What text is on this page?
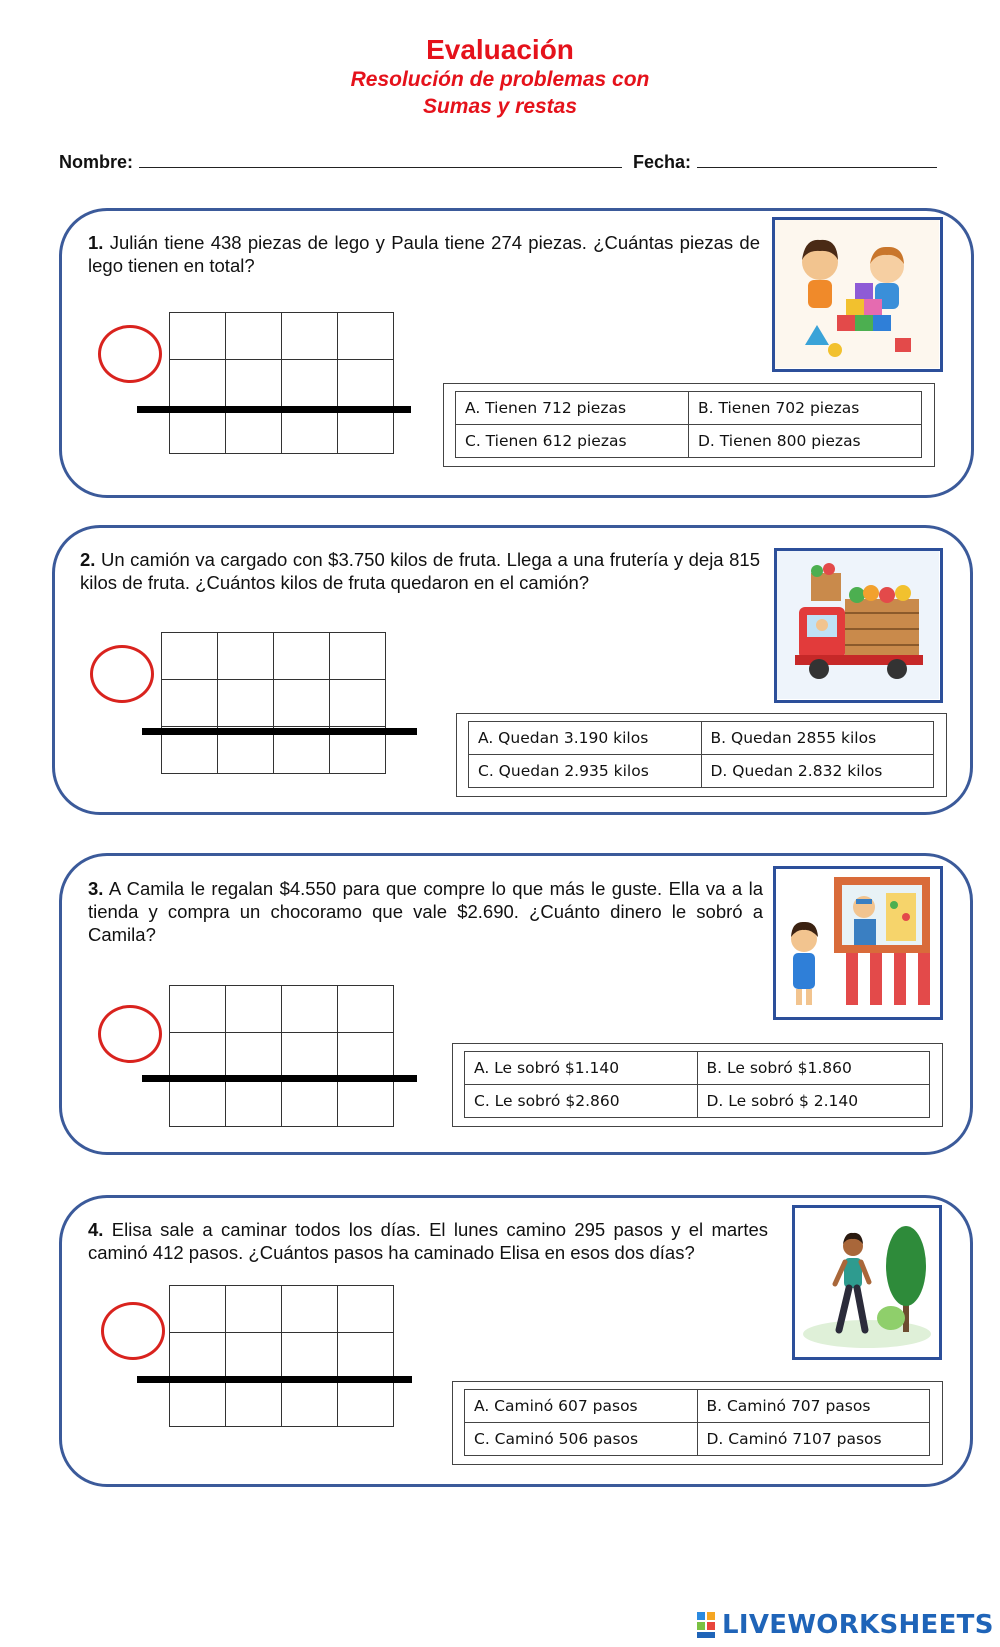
Evaluación
Resolución de problemas con
Sumas y restas
Nombre:	Fecha:
1. Julián tiene 438 piezas de lego y Paula tiene 274 piezas. ¿Cuántas piezas de lego tienen en total?

A. Tienen 712 piezas	B. Tienen 702 piezas
C. Tienen 612 piezas	D. Tienen 800 piezas
2. Un camión va cargado con $3.750 kilos de fruta. Llega a una frutería y deja 815 kilos de fruta. ¿Cuántos kilos de fruta quedaron en el camión?

A. Quedan 3.190 kilos	B. Quedan 2855 kilos
C. Quedan 2.935 kilos	D. Quedan 2.832 kilos
3. A Camila le regalan $4.550 para que compre lo que más le guste. Ella va a la tienda y compra un chocoramo que vale $2.690. ¿Cuánto dinero le sobró a Camila?

A. Le sobró $1.140	B. Le sobró $1.860
C. Le sobró $2.860	D. Le sobró $ 2.140
4. Elisa sale a caminar todos los días. El lunes camino 295 pasos y el martes caminó 412 pasos. ¿Cuántos pasos ha caminado Elisa en esos dos días?

A. Caminó 607 pasos	B. Caminó 707 pasos
C. Caminó 506 pasos	D. Caminó 7107 pasos
LIVEWORKSHEETS
